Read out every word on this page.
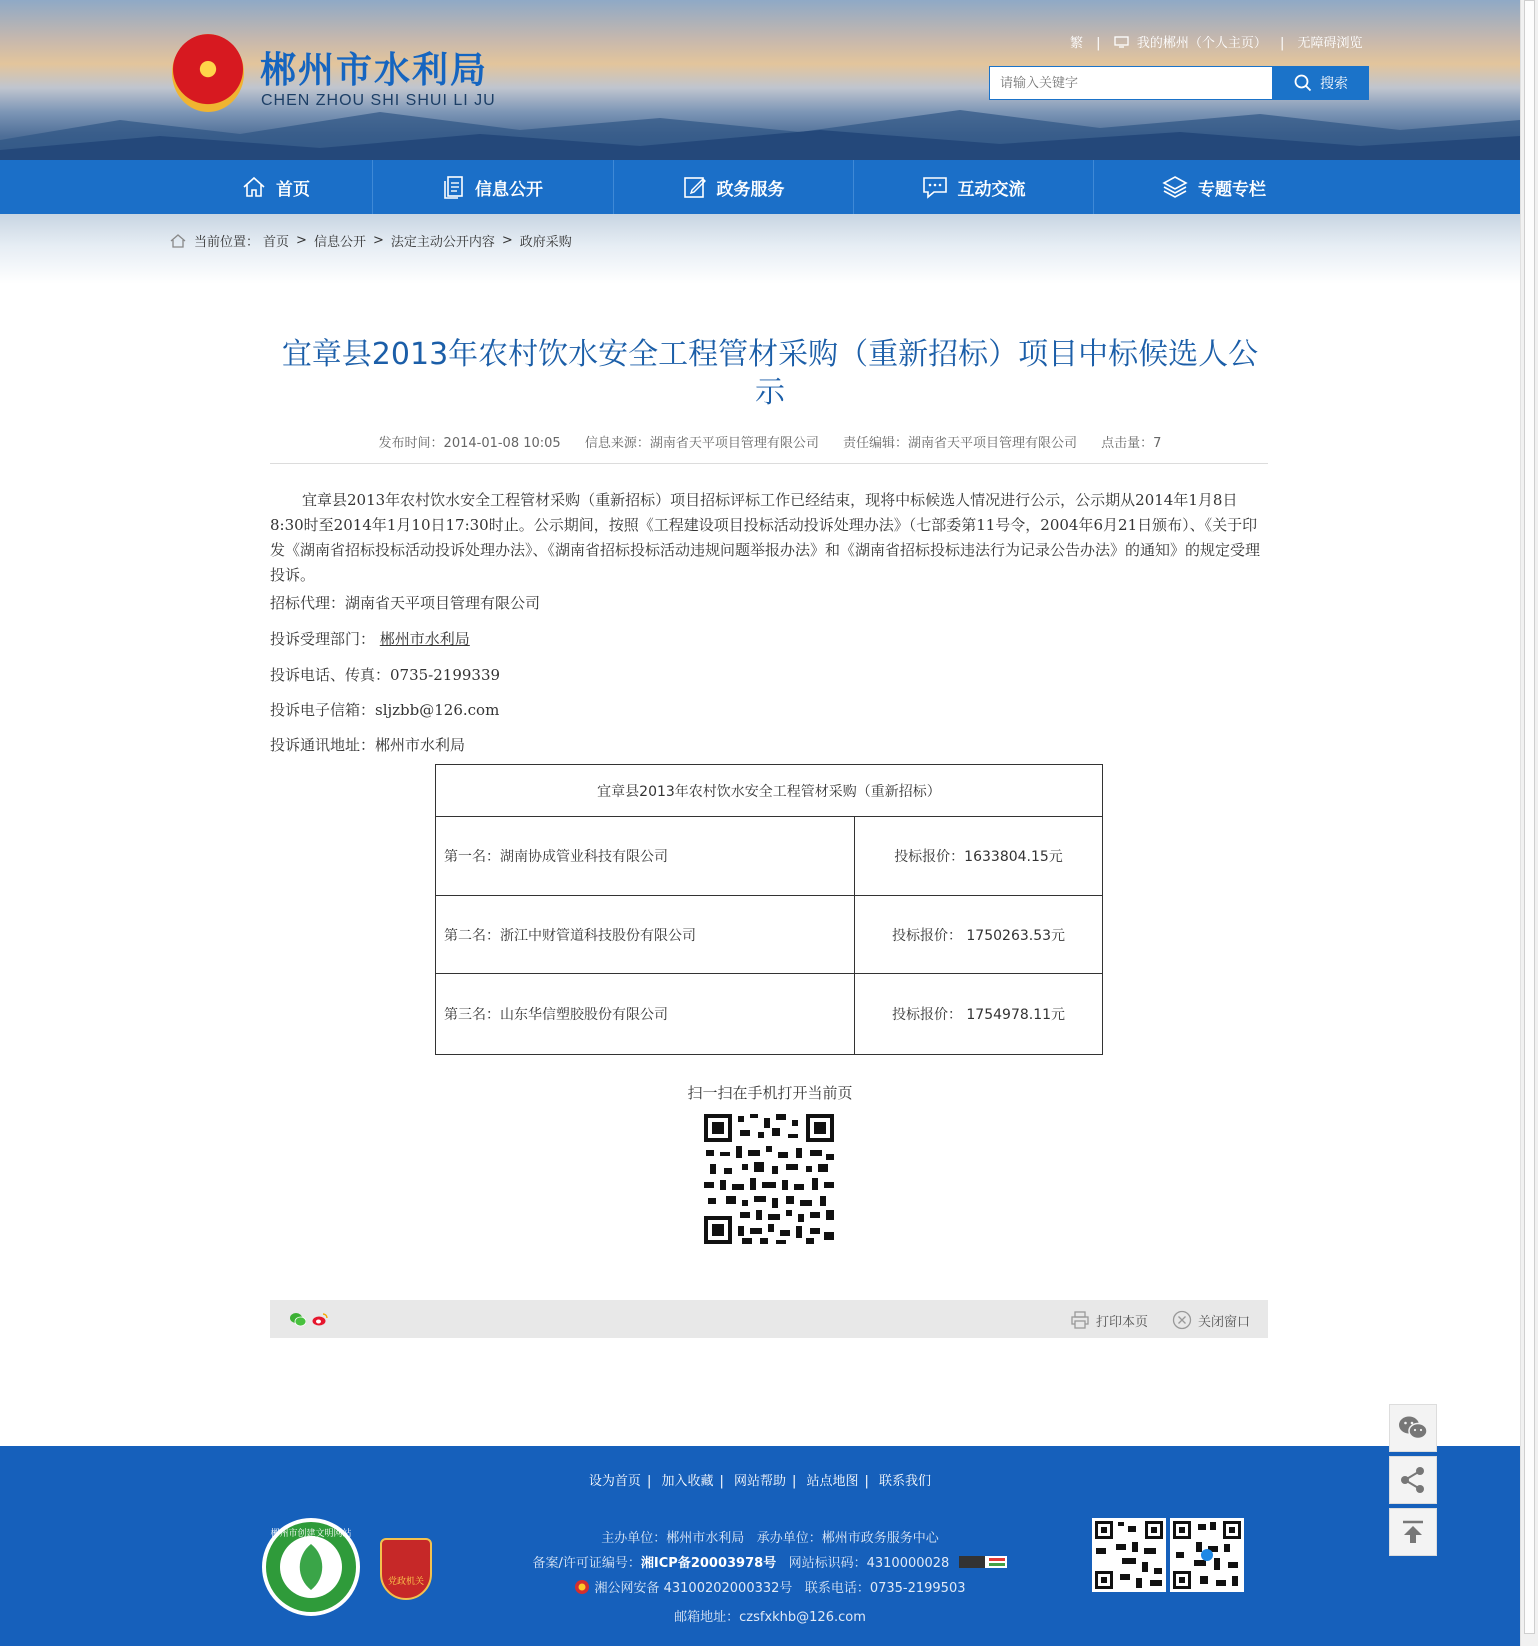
郴州市水利局
CHEN ZHOU SHI SHUI LI JU
繁 |	我的郴州（个人主页） | 无障碍浏览
请输入关键字
搜索
首页	信息公开	政务服务	互动交流	专题专栏
当前位置： 首页 > 信息公开 > 法定主动公开内容 > 政府采购
宜章县2013年农村饮水安全工程管材采购（重新招标）项目中标候选人公示
发布时间：2014-01-08 10:05 信息来源：湖南省天平项目管理有限公司 责任编辑：湖南省天平项目管理有限公司 点击量：7

宜章县2013年农村饮水安全工程管材采购（重新招标）项目招标评标工作已经结束，现将中标候选人情况进行公示，公示期从2014年1月8日8:30时至2014年1月10日17:30时止。公示期间，按照《工程建设项目投标活动投诉处理办法》（七部委第11号令，2004年6月21日颁布）、《关于印发《湖南省招标投标活动投诉处理办法》、《湖南省招标投标活动违规问题举报办法》和《湖南省招标投标违法行为记录公告办法》的通知》的规定受理投诉。

招标代理：湖南省天平项目管理有限公司
投诉受理部门： 郴州市水利局
投诉电话、传真：0735-2199339
投诉电子信箱：sljzbb@126.com
投诉通讯地址：郴州市水利局
宜章县2013年农村饮水安全工程管材采购（重新招标）	
第一名：湖南协成管业科技有限公司	投标报价：1633804.15元
第二名：浙江中财管道科技股份有限公司	投标报价： 1750263.53元
第三名：山东华信塑胶股份有限公司	投标报价： 1754978.11元
扫一扫在手机打开当前页
打印本页	关闭窗口
设为首页 | 加入收藏 | 网站帮助 | 站点地图 | 联系我们
主办单位：郴州市水利局 承办单位：郴州市政务服务中心
备案/许可证编号：湘ICP备20003978号 网站标识码：4310000028
湘公网安备 43100202000332号 联系电话：0735-2199503
邮箱地址：czsfxkhb@126.com
郴州市创建文明网站
党政机关
